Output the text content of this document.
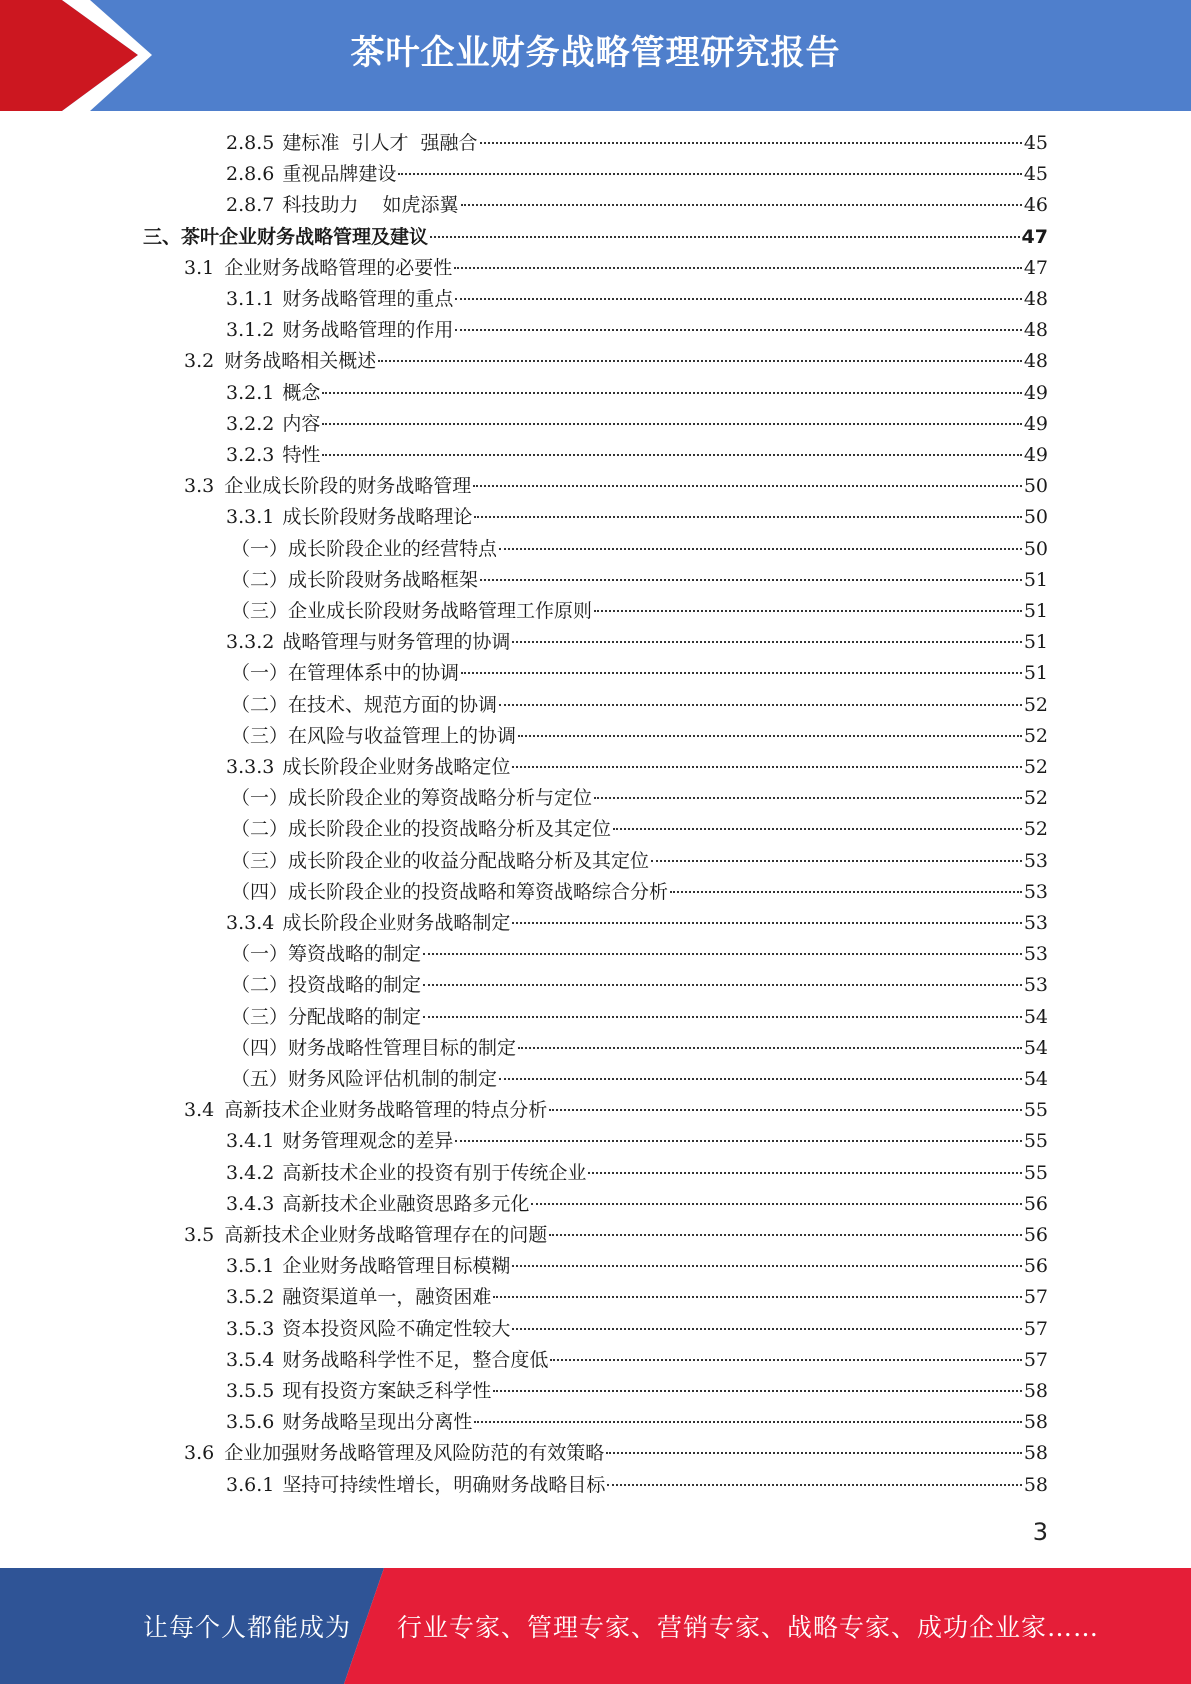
茶叶企业财务战略管理研究报告
2.8.5 建标准  引人才  强融合	45
2.8.6 重视品牌建设	45
2.8.7 科技助力    如虎添翼	46
三、茶叶企业财务战略管理及建议	47
3.1 企业财务战略管理的必要性	47
3.1.1 财务战略管理的重点	48
3.1.2 财务战略管理的作用	48
3.2 财务战略相关概述	48
3.2.1 概念	49
3.2.2 内容	49
3.2.3 特性	49
3.3 企业成长阶段的财务战略管理	50
3.3.1 成长阶段财务战略理论	50
（一）成长阶段企业的经营特点	50
（二）成长阶段财务战略框架	51
（三）企业成长阶段财务战略管理工作原则	51
3.3.2 战略管理与财务管理的协调	51
（一）在管理体系中的协调	51
（二）在技术、规范方面的协调	52
（三）在风险与收益管理上的协调	52
3.3.3 成长阶段企业财务战略定位	52
（一）成长阶段企业的筹资战略分析与定位	52
（二）成长阶段企业的投资战略分析及其定位	52
（三）成长阶段企业的收益分配战略分析及其定位	53
（四）成长阶段企业的投资战略和筹资战略综合分析	53
3.3.4 成长阶段企业财务战略制定	53
（一）筹资战略的制定	53
（二）投资战略的制定	53
（三）分配战略的制定	54
（四）财务战略性管理目标的制定	54
（五）财务风险评估机制的制定	54
3.4 高新技术企业财务战略管理的特点分析	55
3.4.1 财务管理观念的差异	55
3.4.2 高新技术企业的投资有别于传统企业	55
3.4.3 高新技术企业融资思路多元化	56
3.5 高新技术企业财务战略管理存在的问题	56
3.5.1 企业财务战略管理目标模糊	56
3.5.2 融资渠道单一，融资困难	57
3.5.3 资本投资风险不确定性较大	57
3.5.4 财务战略科学性不足，整合度低	57
3.5.5 现有投资方案缺乏科学性	58
3.5.6 财务战略呈现出分离性	58
3.6 企业加强财务战略管理及风险防范的有效策略	58
3.6.1 坚持可持续性增长，明确财务战略目标	58
3
让每个人都能成为 行业专家、管理专家、营销专家、战略专家、成功企业家……
